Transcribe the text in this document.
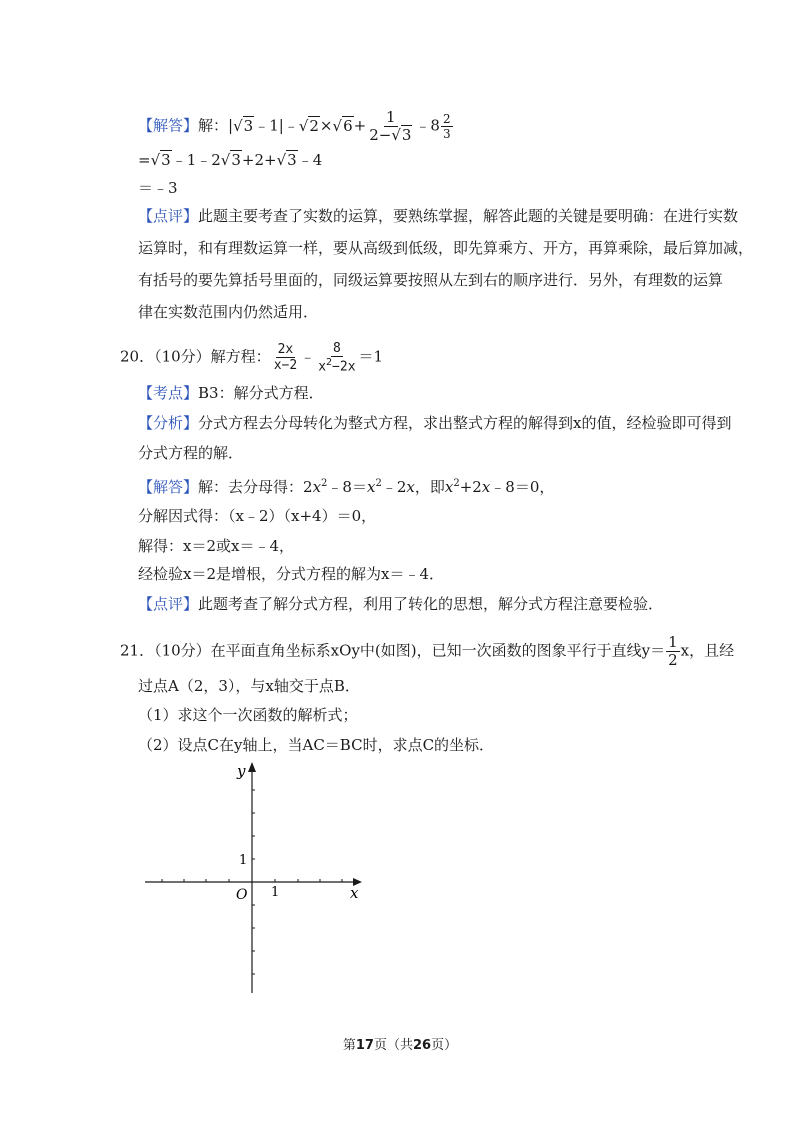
【解答】解：|√3﹣1|﹣√2×√6+ $\frac{1}{2-√3}$ ﹣8 $\frac{2}{3}$
=√3﹣1﹣2√3+2+√3﹣4
＝﹣3
【点评】此题主要考查了实数的运算，要熟练掌握，解答此题的关键是要明确：在进行实数
运算时，和有理数运算一样，要从高级到低级，即先算乘方、开方，再算乘除，最后算加减，
有括号的要先算括号里面的，同级运算要按照从左到右的顺序进行．另外，有理数的运算
律在实数范围内仍然适用．
20．（10分）解方程： $\frac{2x}{x-2}$ ﹣ $\frac{8}{x^2-2x} =1$
【考点】B3：解分式方程．
【分析】分式方程去分母转化为整式方程，求出整式方程的解得到x的值，经检验即可得到
分式方程的解．
【解答】解：去分母得：$2x^2﹣8=x^2﹣2x$，即$x^2+2x﹣8=0$，
分解因式得：（x﹣2）（x+4）＝0，
解得：x＝2或x＝﹣4，
经检验x＝2是增根，分式方程的解为x＝﹣4．
【点评】此题考查了解分式方程，利用了转化的思想，解分式方程注意要检验．
21．（10分）在平面直角坐标系xOy中(如图)，已知一次函数的图象平行于直线$y= \frac{1}{2}$ x，且经
过点A（2，3），与x轴交于点B．
（1）求这个一次函数的解析式；
（2）设点C在y轴上，当AC＝BC时，求点C的坐标．
y
x
O 1
1
第17页（共26页）
